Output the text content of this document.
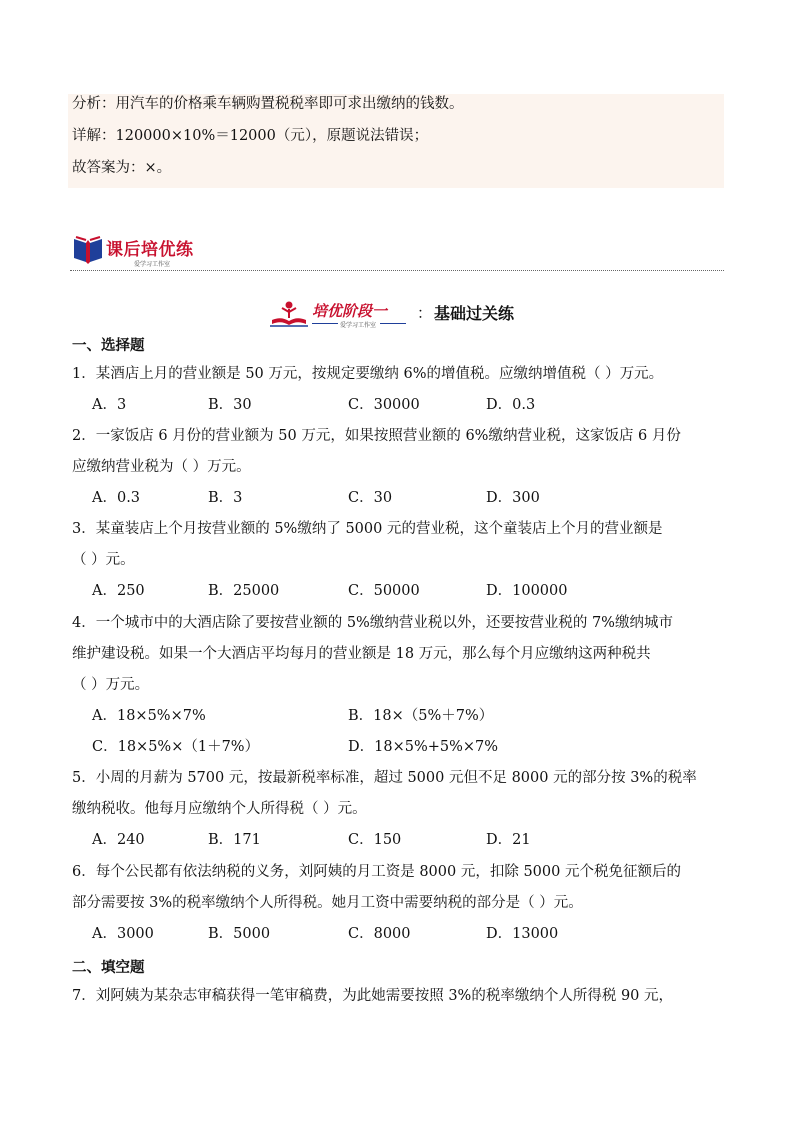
分析：用汽车的价格乘车辆购置税税率即可求出缴纳的钱数。
详解：120000×10%＝12000（元），原题说法错误；
故答案为：×。
课后培优练
爱学习工作室
培优阶段一 ： 基础过关练
爱学习工作室
一、选择题
1．某酒店上月的营业额是 50 万元，按规定要缴纳 6%的增值税。应缴纳增值税（ ）万元。
A．3	B．30	C．30000	D．0.3
2．一家饭店 6 月份的营业额为 50 万元，如果按照营业额的 6%缴纳营业税，这家饭店 6 月份
应缴纳营业税为（ ）万元。
A．0.3	B．3	C．30	D．300
3．某童装店上个月按营业额的 5%缴纳了 5000 元的营业税，这个童装店上个月的营业额是
（ ）元。
A．250	B．25000	C．50000	D．100000
4．一个城市中的大酒店除了要按营业额的 5%缴纳营业税以外，还要按营业税的 7%缴纳城市
维护建设税。如果一个大酒店平均每月的营业额是 18 万元，那么每个月应缴纳这两种税共
（ ）万元。
A．18×5%×7%	B．18×（5%＋7%）
C．18×5%×（1＋7%）	D．18×5%+5%×7%
5．小周的月薪为 5700 元，按最新税率标准，超过 5000 元但不足 8000 元的部分按 3%的税率
缴纳税收。他每月应缴纳个人所得税（ ）元。
A．240	B．171	C．150	D．21
6．每个公民都有依法纳税的义务，刘阿姨的月工资是 8000 元，扣除 5000 元个税免征额后的
部分需要按 3%的税率缴纳个人所得税。她月工资中需要纳税的部分是（ ）元。
A．3000	B．5000	C．8000	D．13000
二、填空题
7．刘阿姨为某杂志审稿获得一笔审稿费，为此她需要按照 3%的税率缴纳个人所得税 90 元，
